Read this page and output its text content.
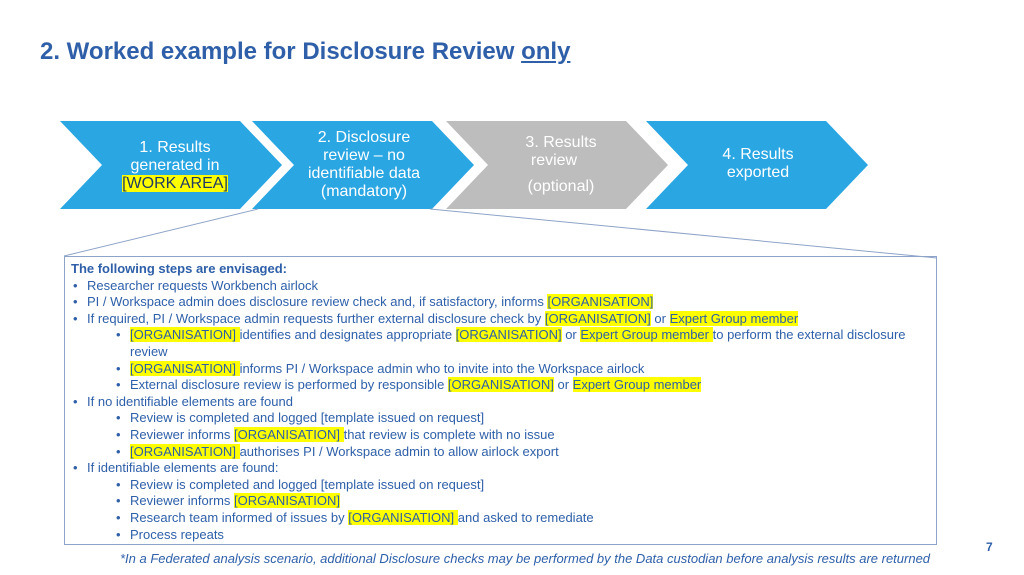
2. Worked example for Disclosure Review only
1. Results
generated in
[WORK AREA]
2. Disclosure
review – no
identifiable data
(mandatory)
3. Results
review
(optional)
4. Results
exported
The following steps are envisaged:
• Researcher requests Workbench airlock
• PI / Workspace admin does disclosure review check and, if satisfactory, informs [ORGANISATION]
• If required, PI / Workspace admin requests further external disclosure check by [ORGANISATION] or Expert Group member
• [ORGANISATION] identifies and designates appropriate [ORGANISATION] or Expert Group member to perform the external disclosure review
• [ORGANISATION] informs PI / Workspace admin who to invite into the Workspace airlock
• External disclosure review is performed by responsible [ORGANISATION] or Expert Group member
• If no identifiable elements are found
• Review is completed and logged [template issued on request]
• Reviewer informs [ORGANISATION] that review is complete with no issue
• [ORGANISATION] authorises PI / Workspace admin to allow airlock export
• If identifiable elements are found:
• Review is completed and logged [template issued on request]
• Reviewer informs [ORGANISATION]
• Research team informed of issues by [ORGANISATION] and asked to remediate
• Process repeats
*In a Federated analysis scenario, additional Disclosure checks may be performed by the Data custodian before analysis results are returned
7
